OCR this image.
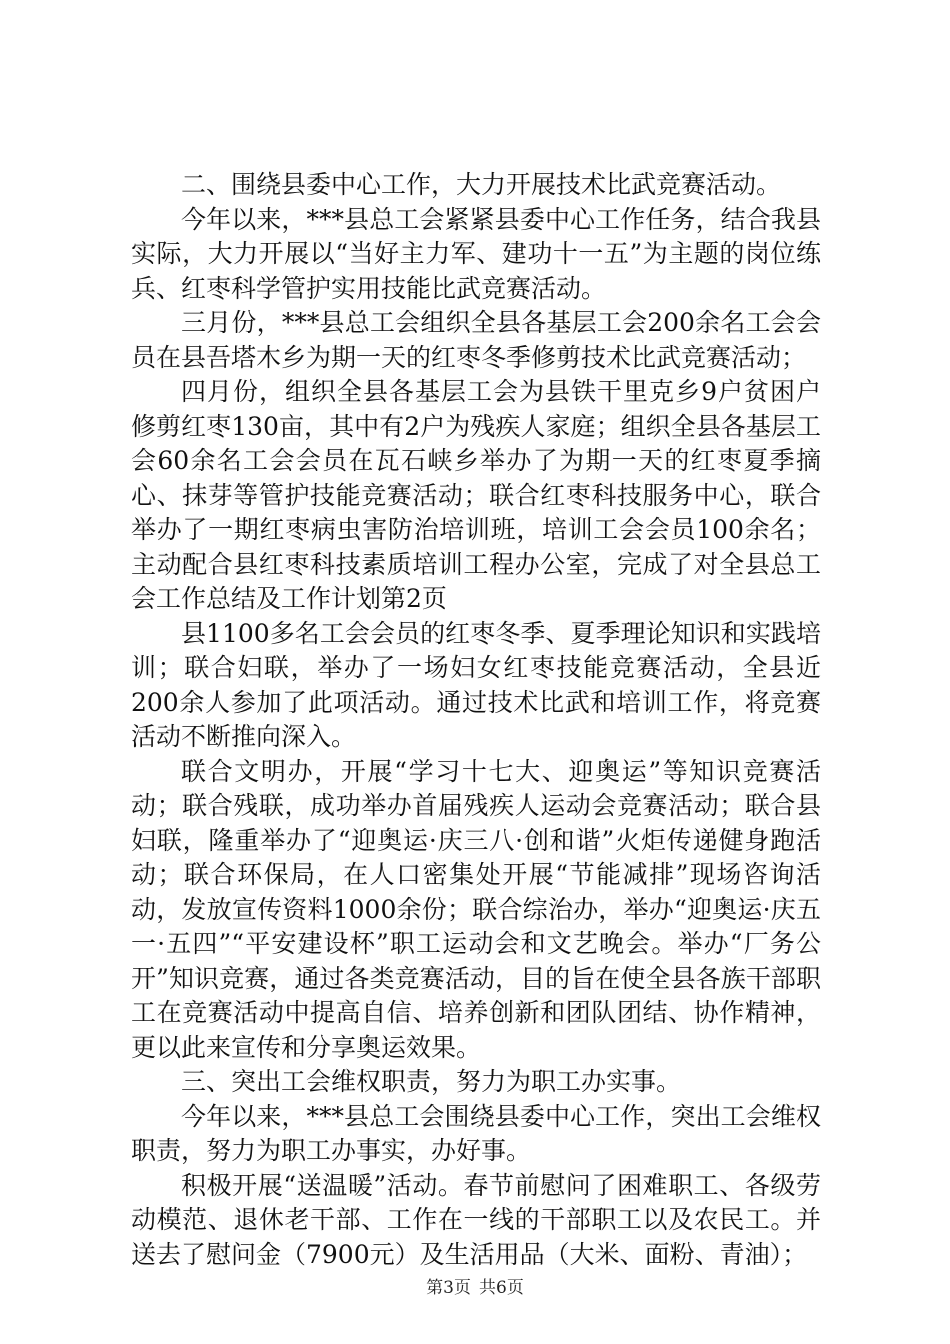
二、围绕县委中心工作，大力开展技术比武竞赛活动。

今年以来，***县总工会紧紧县委中心工作任务，结合我县实际，大力开展以“当好主力军、建功十一五”为主题的岗位练兵、红枣科学管护实用技能比武竞赛活动。

三月份，***县总工会组织全县各基层工会200余名工会会员在县吾塔木乡为期一天的红枣冬季修剪技术比武竞赛活动；

四月份，组织全县各基层工会为县铁干里克乡9户贫困户修剪红枣130亩，其中有2户为残疾人家庭；组织全县各基层工会60余名工会会员在瓦石峡乡举办了为期一天的红枣夏季摘心、抹芽等管护技能竞赛活动；联合红枣科技服务中心，联合举办了一期红枣病虫害防治培训班，培训工会会员100余名；主动配合县红枣科技素质培训工程办公室，完成了对全县总工会工作总结及工作计划第2页

县1100多名工会会员的红枣冬季、夏季理论知识和实践培训；联合妇联，举办了一场妇女红枣技能竞赛活动，全县近200余人参加了此项活动。通过技术比武和培训工作，将竞赛活动不断推向深入。

联合文明办，开展“学习十七大、迎奥运”等知识竞赛活动；联合残联，成功举办首届残疾人运动会竞赛活动；联合县妇联，隆重举办了“迎奥运·庆三八·创和谐”火炬传递健身跑活动；联合环保局，在人口密集处开展“节能减排”现场咨询活动，发放宣传资料1000余份；联合综治办，举办“迎奥运·庆五一·五四”“平安建设杯”职工运动会和文艺晚会。举办“厂务公开”知识竞赛，通过各类竞赛活动，目的旨在使全县各族干部职工在竞赛活动中提高自信、培养创新和团队团结、协作精神，更以此来宣传和分享奥运效果。

三、突出工会维权职责，努力为职工办实事。

今年以来，***县总工会围绕县委中心工作，突出工会维权职责，努力为职工办事实，办好事。

积极开展“送温暖”活动。春节前慰问了困难职工、各级劳动模范、退休老干部、工作在一线的干部职工以及农民工。并送去了慰问金（7900元）及生活用品（大米、面粉、青油）；

第3页 共6页
